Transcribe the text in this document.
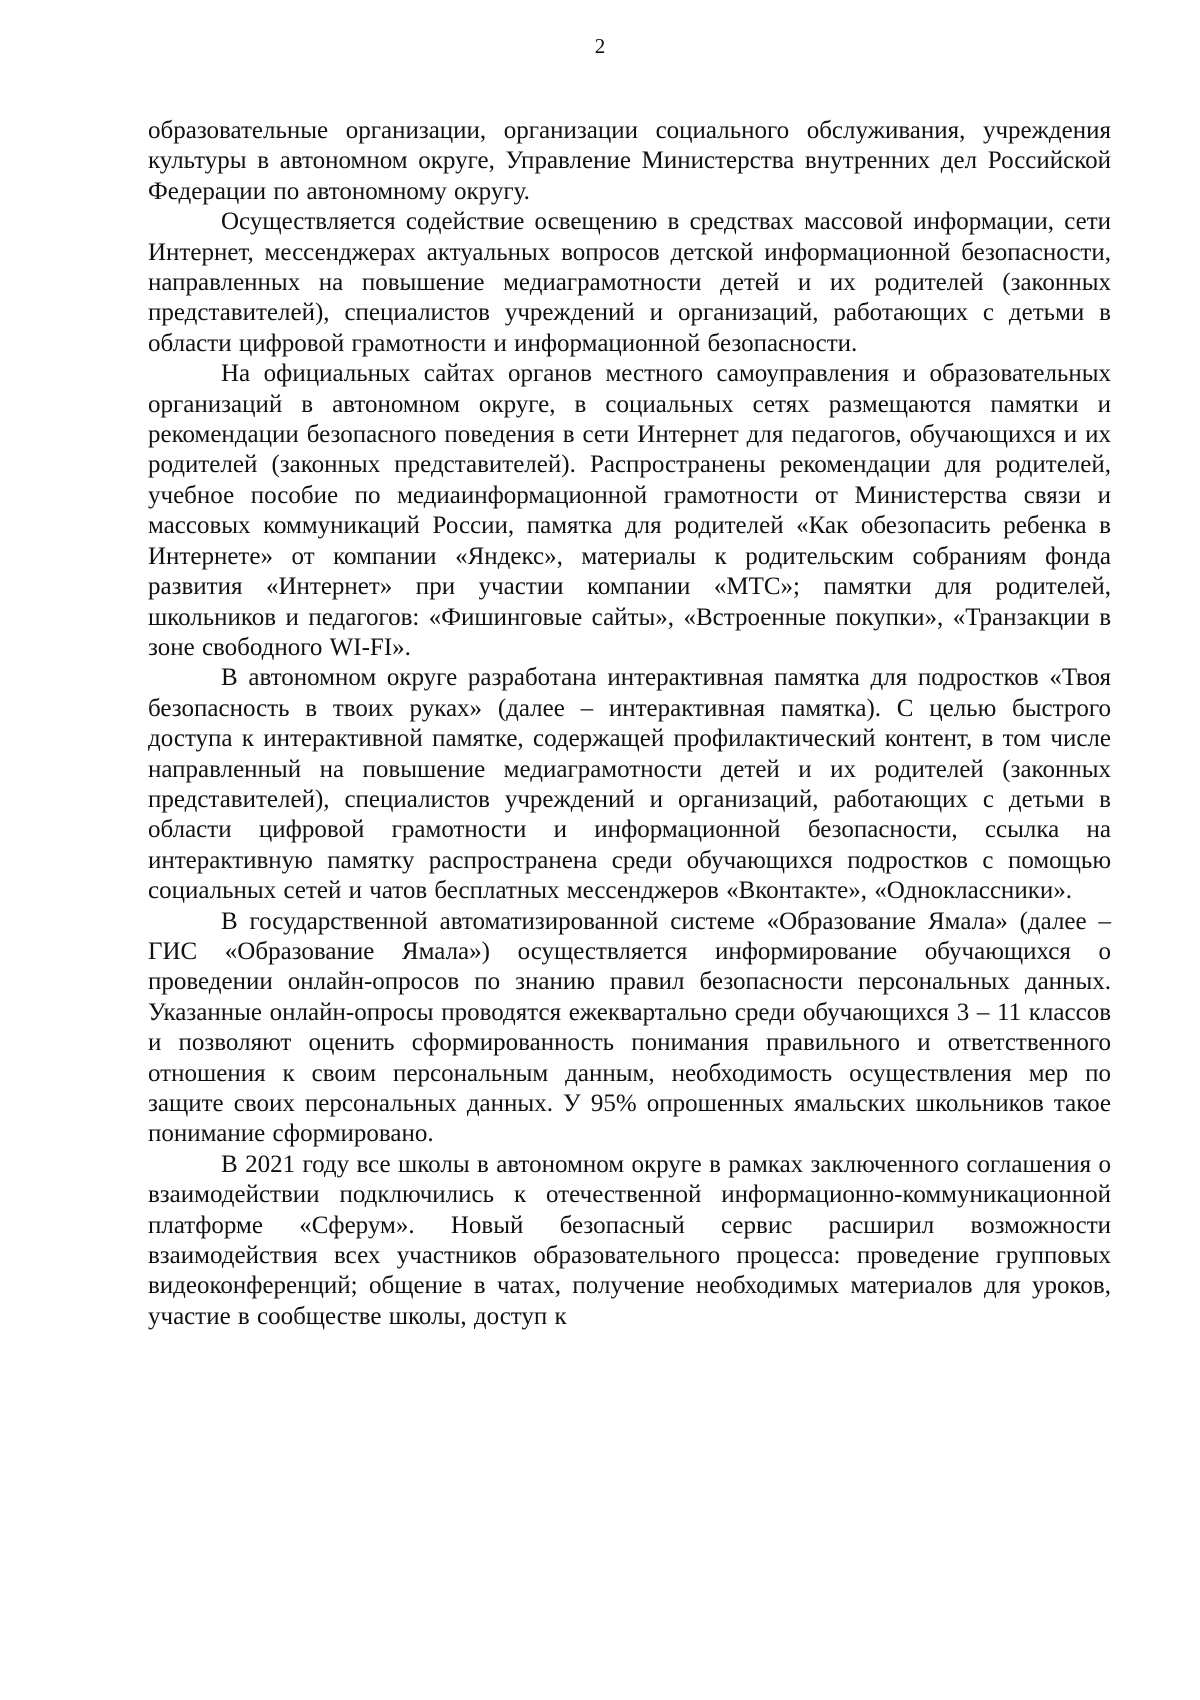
2

образовательные организации, организации социального обслуживания, учреждения культуры в автономном округе, Управление Министерства внутренних дел Российской Федерации по автономному округу.

Осуществляется содействие освещению в средствах массовой информации, сети Интернет, мессенджерах актуальных вопросов детской информационной безопасности, направленных на повышение медиаграмотности детей и их родителей (законных представителей), специалистов учреждений и организаций, работающих с детьми в области цифровой грамотности и информационной безопасности.

На официальных сайтах органов местного самоуправления и образовательных организаций в автономном округе, в социальных сетях размещаются памятки и рекомендации безопасного поведения в сети Интернет для педагогов, обучающихся и их родителей (законных представителей). Распространены рекомендации для родителей, учебное пособие по медиаинформационной грамотности от Министерства связи и массовых коммуникаций России, памятка для родителей «Как обезопасить ребенка в Интернете» от компании «Яндекс», материалы к родительским собраниям фонда развития «Интернет» при участии компании «МТС»; памятки для родителей, школьников и педагогов: «Фишинговые сайты», «Встроенные покупки», «Транзакции в зоне свободного WI-FI».

В автономном округе разработана интерактивная памятка для подростков «Твоя безопасность в твоих руках» (далее – интерактивная памятка). С целью быстрого доступа к интерактивной памятке, содержащей профилактический контент, в том числе направленный на повышение медиаграмотности детей и их родителей (законных представителей), специалистов учреждений и организаций, работающих с детьми в области цифровой грамотности и информационной безопасности, ссылка на интерактивную памятку распространена среди обучающихся подростков с помощью социальных сетей и чатов бесплатных мессенджеров «Вконтакте», «Одноклассники».

В государственной автоматизированной системе «Образование Ямала» (далее – ГИС «Образование Ямала») осуществляется информирование обучающихся о проведении онлайн-опросов по знанию правил безопасности персональных данных. Указанные онлайн-опросы проводятся ежеквартально среди обучающихся 3 – 11 классов и позволяют оценить сформированность понимания правильного и ответственного отношения к своим персональным данным, необходимость осуществления мер по защите своих персональных данных. У 95% опрошенных ямальских школьников такое понимание сформировано.

В 2021 году все школы в автономном округе в рамках заключенного соглашения о взаимодействии подключились к отечественной информационно-коммуникационной платформе «Сферум». Новый безопасный сервис расширил возможности взаимодействия всех участников образовательного процесса: проведение групповых видеоконференций; общение в чатах, получение необходимых материалов для уроков, участие в сообществе школы, доступ к
